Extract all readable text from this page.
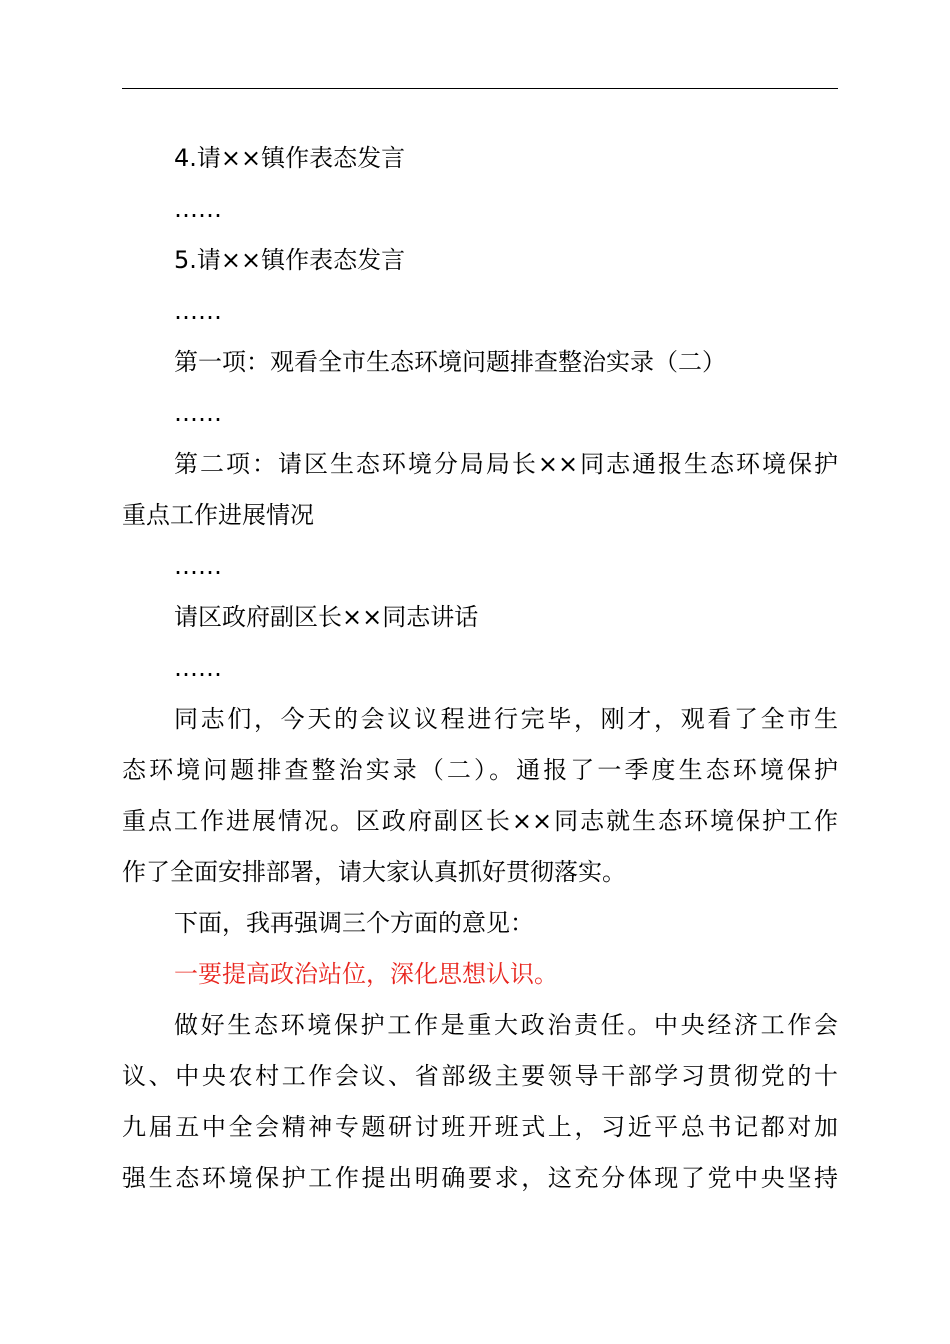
4.请××镇作表态发言
……
5.请××镇作表态发言
……
第一项：观看全市生态环境问题排查整治实录（二）
……
第二项：请区生态环境分局局长××同志通报生态环境保护
重点工作进展情况
……
请区政府副区长××同志讲话
……
同志们，今天的会议议程进行完毕，刚才，观看了全市生
态环境问题排查整治实录（二）。通报了一季度生态环境保护
重点工作进展情况。区政府副区长××同志就生态环境保护工作
作了全面安排部署，请大家认真抓好贯彻落实。
下面，我再强调三个方面的意见：
一要提高政治站位，深化思想认识。
做好生态环境保护工作是重大政治责任。中央经济工作会
议、中央农村工作会议、省部级主要领导干部学习贯彻党的十
九届五中全会精神专题研讨班开班式上，习近平总书记都对加
强生态环境保护工作提出明确要求，这充分体现了党中央坚持
